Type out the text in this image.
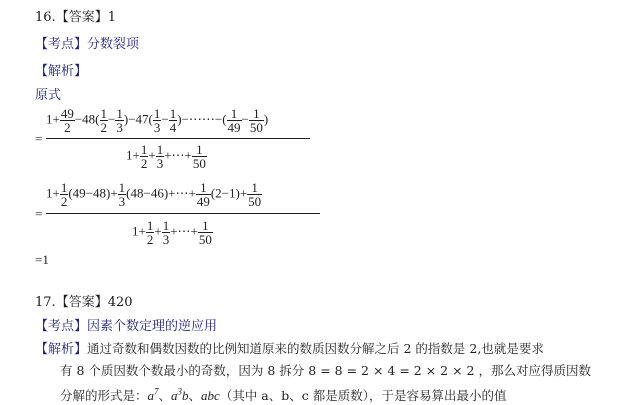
16.【答案】1
【考点】分数裂项
【解析】
原式
=
$1+ \frac{49}{2} -48( \frac{1}{2} - \frac{1}{3} )-47( \frac{1}{3} - \frac{1}{4}$ )−⋯⋯−( $\frac{1}{49} - \frac{1}{50}$ )
$1+ \frac{1}{2} + \frac{1}{3}$ +⋯+ $\frac{1}{50}$
=
$1+ \frac{1}{2} (49-48)+ \frac{1}{3}$ (48−46)+⋯+ $\frac{1}{49} (2-1)+ \frac{1}{50}$
$1+ \frac{1}{2} + \frac{1}{3}$ +⋯+ $\frac{1}{50}$
=1
17.【答案】420
【考点】因素个数定理的逆应用
【解析】通过奇数和偶数因数的比例知道原来的数质因数分解之后 2 的指数是 2,也就是要求
有 8 个质因数个数最小的奇数，因为 8 拆分 8 = 8 = 2 × 4 = 2 × 2 × 2 ，那么对应得质因数
分解的形式是：$a^7$、$a^3b$、abc（其中 a、b、c 都是质数），于是容易算出最小的值
